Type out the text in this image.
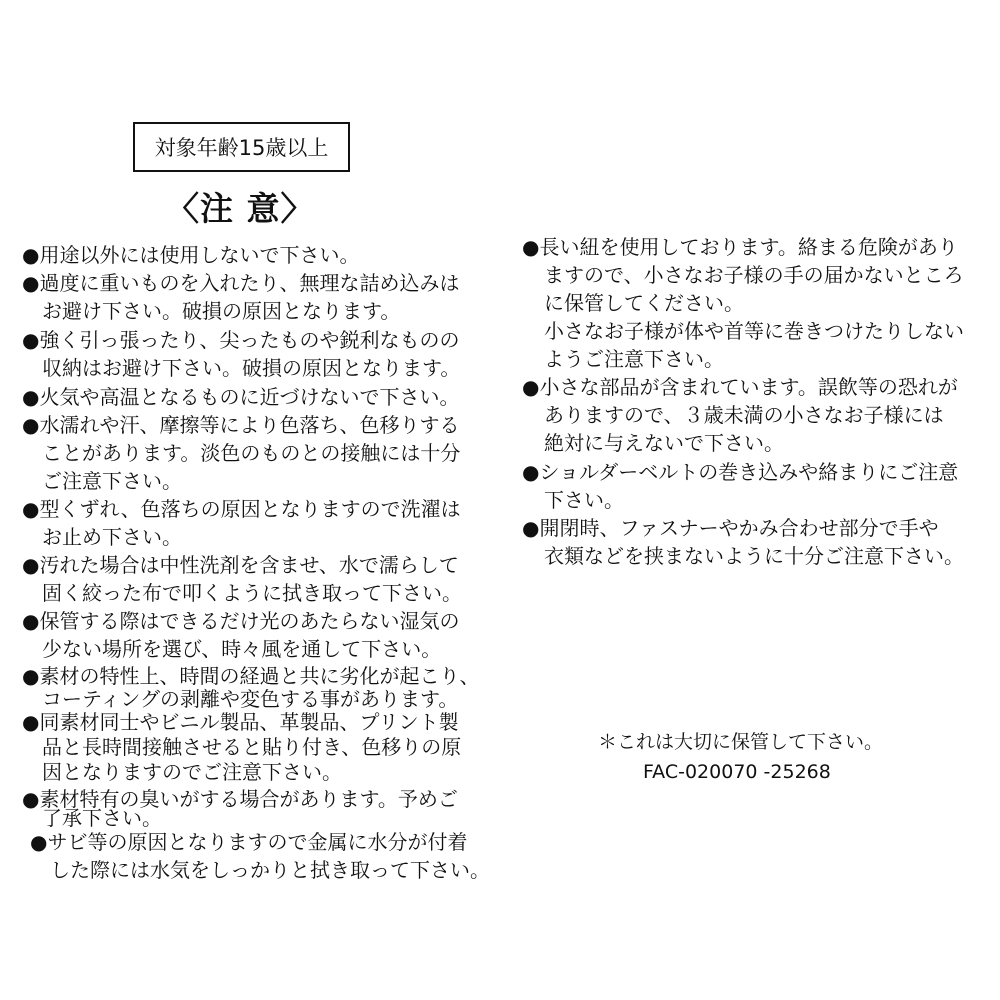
対象年齢15歳以上
〈注 意〉
●用途以外には使用しないで下さい。
●過度に重いものを入れたり、無理な詰め込みは
お避け下さい。破損の原因となります。
●強く引っ張ったり、尖ったものや鋭利なものの
収納はお避け下さい。破損の原因となります。
●火気や高温となるものに近づけないで下さい。
●水濡れや汗、摩擦等により色落ち、色移りする
ことがあります。淡色のものとの接触には十分
ご注意下さい。
●型くずれ、色落ちの原因となりますので洗濯は
お止め下さい。
●汚れた場合は中性洗剤を含ませ、水で濡らして
固く絞った布で叩くように拭き取って下さい。
●保管する際はできるだけ光のあたらない湿気の
少ない場所を選び、時々風を通して下さい。
●素材の特性上、時間の経過と共に劣化が起こり、
コーティングの剥離や変色する事があります。
●同素材同士やビニル製品、革製品、プリント製
品と長時間接触させると貼り付き、色移りの原
因となりますのでご注意下さい。
●素材特有の臭いがする場合があります。予めご
了承下さい。
●サビ等の原因となりますので金属に水分が付着
した際には水気をしっかりと拭き取って下さい。
●長い紐を使用しております。絡まる危険があり
ますので、小さなお子様の手の届かないところ
に保管してください。
小さなお子様が体や首等に巻きつけたりしない
ようご注意下さい。
●小さな部品が含まれています。誤飲等の恐れが
ありますので、３歳未満の小さなお子様には
絶対に与えないで下さい。
●ショルダーベルトの巻き込みや絡まりにご注意
下さい。
●開閉時、ファスナーやかみ合わせ部分で手や
衣類などを挟まないように十分ご注意下さい。
＊これは大切に保管して下さい。
FAC-020070 -25268
